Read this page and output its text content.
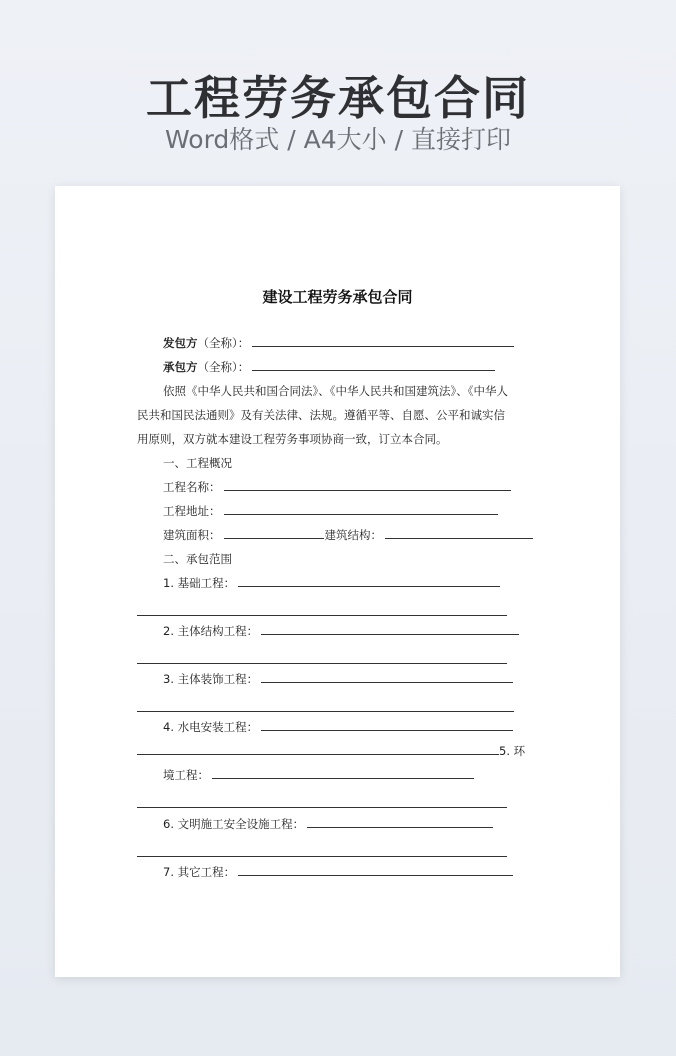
工程劳务承包合同
Word格式 / A4大小 / 直接打印
建设工程劳务承包合同
发包方（全称）：
承包方（全称）：
依照《中华人民共和国合同法》、《中华人民共和国建筑法》、《中华人
民共和国民法通则》及有关法律、法规。遵循平等、自愿、公平和诚实信
用原则，双方就本建设工程劳务事项协商一致，订立本合同。
一、工程概况
工程名称：
工程地址：
建筑面积：	建筑结构：
二、承包范围
1. 基础工程：
2. 主体结构工程：
3. 主体装饰工程：
4. 水电安装工程：
5. 环
境工程：
6. 文明施工安全设施工程：
7. 其它工程：
